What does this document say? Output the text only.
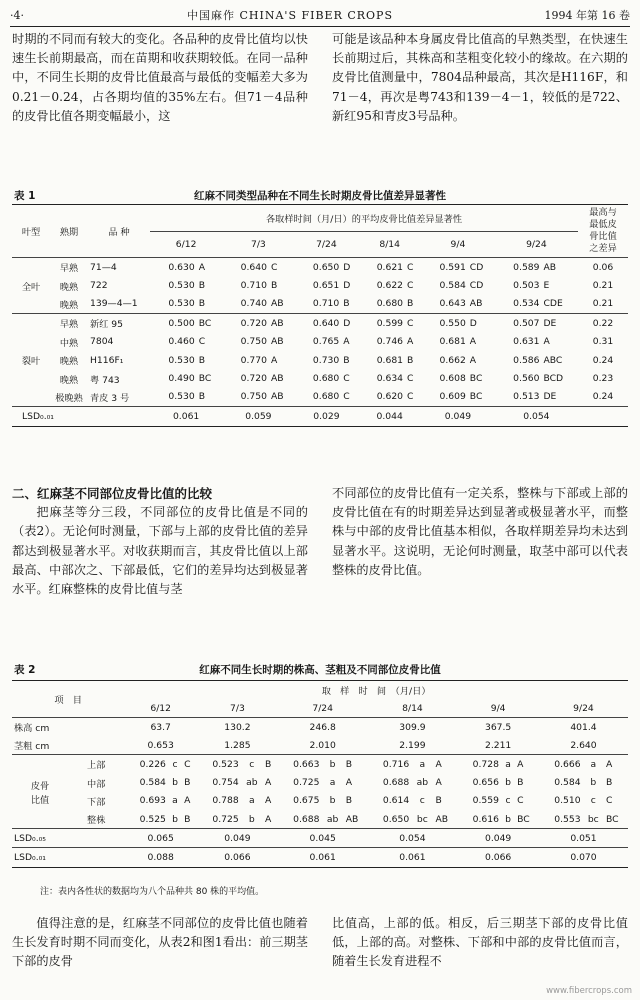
·4·	中国麻作 CHINA'S FIBER CROPS	1994 年第 16 卷

时期的不同而有较大的变化。各品种的皮骨比值均以快速生长前期最高，而在苗期和收获期较低。在同一品种中，不同生长期的皮骨比值最高与最低的变幅差大多为0.21－0.24，占各期均值的35%左右。但71－4品种的皮骨比值各期变幅最小，这

可能是该品种本身属皮骨比值高的早熟类型，在快速生长前期过后，其株高和茎粗变化较小的缘故。在六期的皮骨比值测量中，7804品种最高，其次是H116F，和71－4，再次是粤743和139－4－1，较低的是722、新红95和青皮3号品种。

表 1	红麻不同类型品种在不同生长时期皮骨比值差异显著性
叶型	熟期	品 种	各取样时间（月/日）的平均皮骨比值差异显著性												最高与
最低皮
骨比值
之差异
			6/12		7/3		7/24		8/14		9/4		9/24		
全叶	早熟	71—4	0.630	A	0.640	C	0.650	D	0.621	C	0.591	CD	0.589	AB	0.06
	晚熟	722	0.530	B	0.710	B	0.651	D	0.622	C	0.584	CD	0.503	E	0.21
	晚熟	139—4—1	0.530	B	0.740	AB	0.710	B	0.680	B	0.643	AB	0.534	CDE	0.21
裂叶	早熟	新红 95	0.500	BC	0.720	AB	0.640	D	0.599	C	0.550	D	0.507	DE	0.22
	中熟	7804	0.460	C	0.750	AB	0.765	A	0.746	A	0.681	A	0.631	A	0.31
	晚熟	H116F₁	0.530	B	0.770	A	0.730	B	0.681	B	0.662	A	0.586	ABC	0.24
	晚熟	粤 743	0.490	BC	0.720	AB	0.680	C	0.634	C	0.608	BC	0.560	BCD	0.23
	极晚熟	青皮 3 号	0.530	B	0.750	AB	0.680	C	0.620	C	0.609	BC	0.513	DE	0.24
LSD₀.₀₁			0.061		0.059		0.029		0.044		0.049		0.054		

二、红麻茎不同部位皮骨比值的比较

把麻茎等分三段，不同部位的皮骨比值是不同的（表2）。无论何时测量，下部与上部的皮骨比值的差异都达到极显著水平。对收获期而言，其皮骨比值以上部最高、中部次之、下部最低，它们的差异均达到极显著水平。红麻整株的皮骨比值与茎

不同部位的皮骨比值有一定关系，整株与下部或上部的皮骨比值在有的时期差异达到显著或极显著水平，而整株与中部的皮骨比值基本相似，各取样期差异均未达到显著水平。这说明，无论何时测量，取茎中部可以代表整株的皮骨比值。

表 2	红麻不同生长时期的株高、茎粗及不同部位皮骨比值
项　目		取　样　时　间　（月/日）																	
		6/12			7/3			7/24			8/14			9/4			9/24		
株高 cm		63.7			130.2			246.8			309.9			367.5			401.4		
茎粗 cm		0.653			1.285			2.010			2.199			2.211			2.640		
皮骨
比值	上部	0.226	c	C	0.523	c	B	0.663	b	B	0.716	a	A	0.728	a	A	0.666	a	A
	中部	0.584	b	B	0.754	ab	A	0.725	a	A	0.688	ab	A	0.656	b	B	0.584	b	B
	下部	0.693	a	A	0.788	a	A	0.675	b	B	0.614	c	B	0.559	c	C	0.510	c	C
	整株	0.525	b	B	0.725	b	A	0.688	ab	AB	0.650	bc	AB	0.616	b	BC	0.553	bc	BC
LSD₀.₀₅		0.065			0.049			0.045			0.054			0.049			0.051		
LSD₀.₀₁		0.088			0.066			0.061			0.061			0.066			0.070		
注：表内各性状的数据均为八个品种共 80 株的平均值。

值得注意的是，红麻茎不同部位的皮骨比值也随着生长发育时期不同而变化，从表2和图1看出：前三期茎下部的皮骨

比值高，上部的低。相反，后三期茎下部的皮骨比值低，上部的高。对整株、下部和中部的皮骨比值而言，随着生长发育进程不

www.fibercrops.com
